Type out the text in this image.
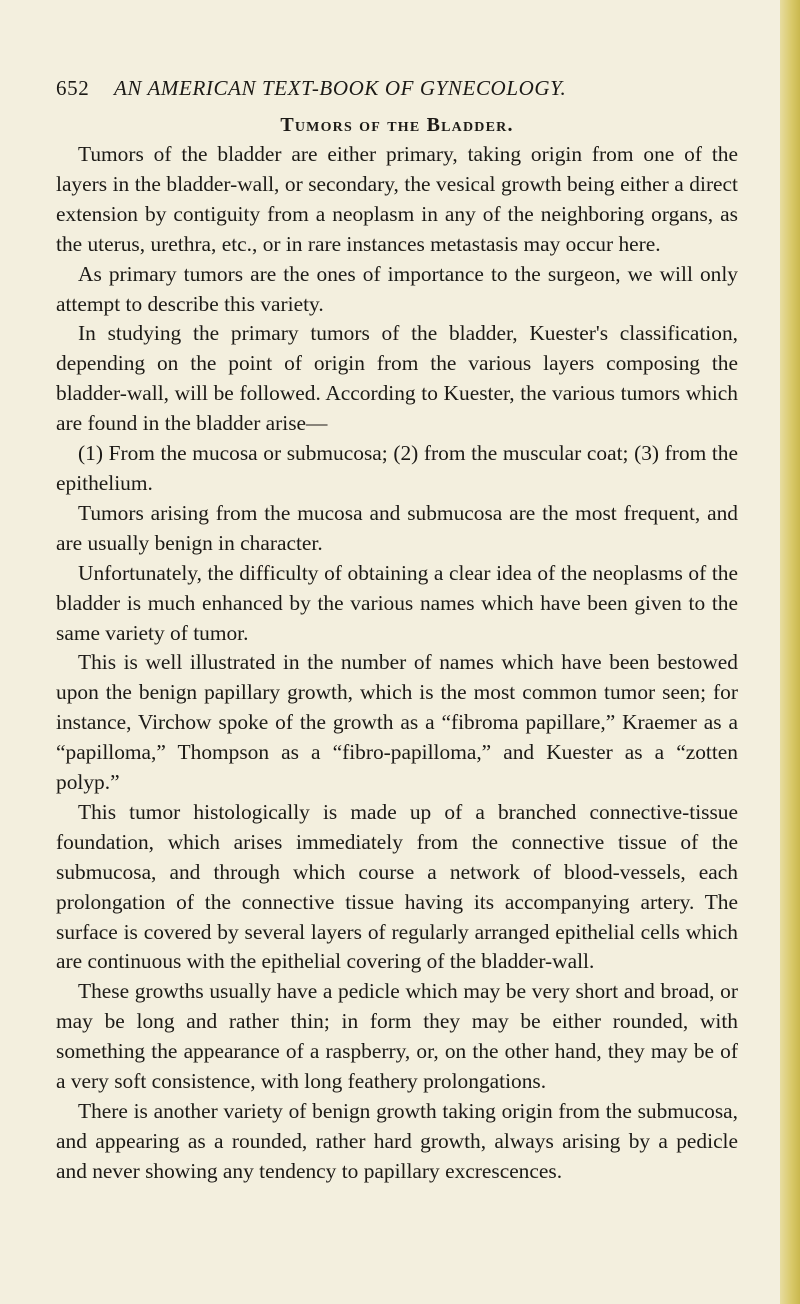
652 AN AMERICAN TEXT-BOOK OF GYNECOLOGY.
Tumors of the Bladder.

Tumors of the bladder are either primary, taking origin from one of the layers in the bladder-wall, or secondary, the vesical growth being either a direct extension by contiguity from a neoplasm in any of the neighboring organs, as the uterus, urethra, etc., or in rare instances metastasis may occur here.

As primary tumors are the ones of importance to the surgeon, we will only attempt to describe this variety.

In studying the primary tumors of the bladder, Kuester's classification, depending on the point of origin from the various layers composing the bladder-wall, will be followed. According to Kuester, the various tumors which are found in the bladder arise—

(1) From the mucosa or submucosa; (2) from the muscular coat; (3) from the epithelium.

Tumors arising from the mucosa and submucosa are the most frequent, and are usually benign in character.

Unfortunately, the difficulty of obtaining a clear idea of the neoplasms of the bladder is much enhanced by the various names which have been given to the same variety of tumor.

This is well illustrated in the number of names which have been bestowed upon the benign papillary growth, which is the most common tumor seen; for instance, Virchow spoke of the growth as a “fibroma papillare,” Kraemer as a “papilloma,” Thompson as a “fibro-papilloma,” and Kuester as a “zotten polyp.”

This tumor histologically is made up of a branched connective-tissue foundation, which arises immediately from the connective tissue of the submucosa, and through which course a network of blood-vessels, each prolongation of the connective tissue having its accompanying artery. The surface is covered by several layers of regularly arranged epithelial cells which are continuous with the epithelial covering of the bladder-wall.

These growths usually have a pedicle which may be very short and broad, or may be long and rather thin; in form they may be either rounded, with something the appearance of a raspberry, or, on the other hand, they may be of a very soft consistence, with long feathery prolongations.

There is another variety of benign growth taking origin from the submucosa, and appearing as a rounded, rather hard growth, always arising by a pedicle and never showing any tendency to papillary excrescences.
